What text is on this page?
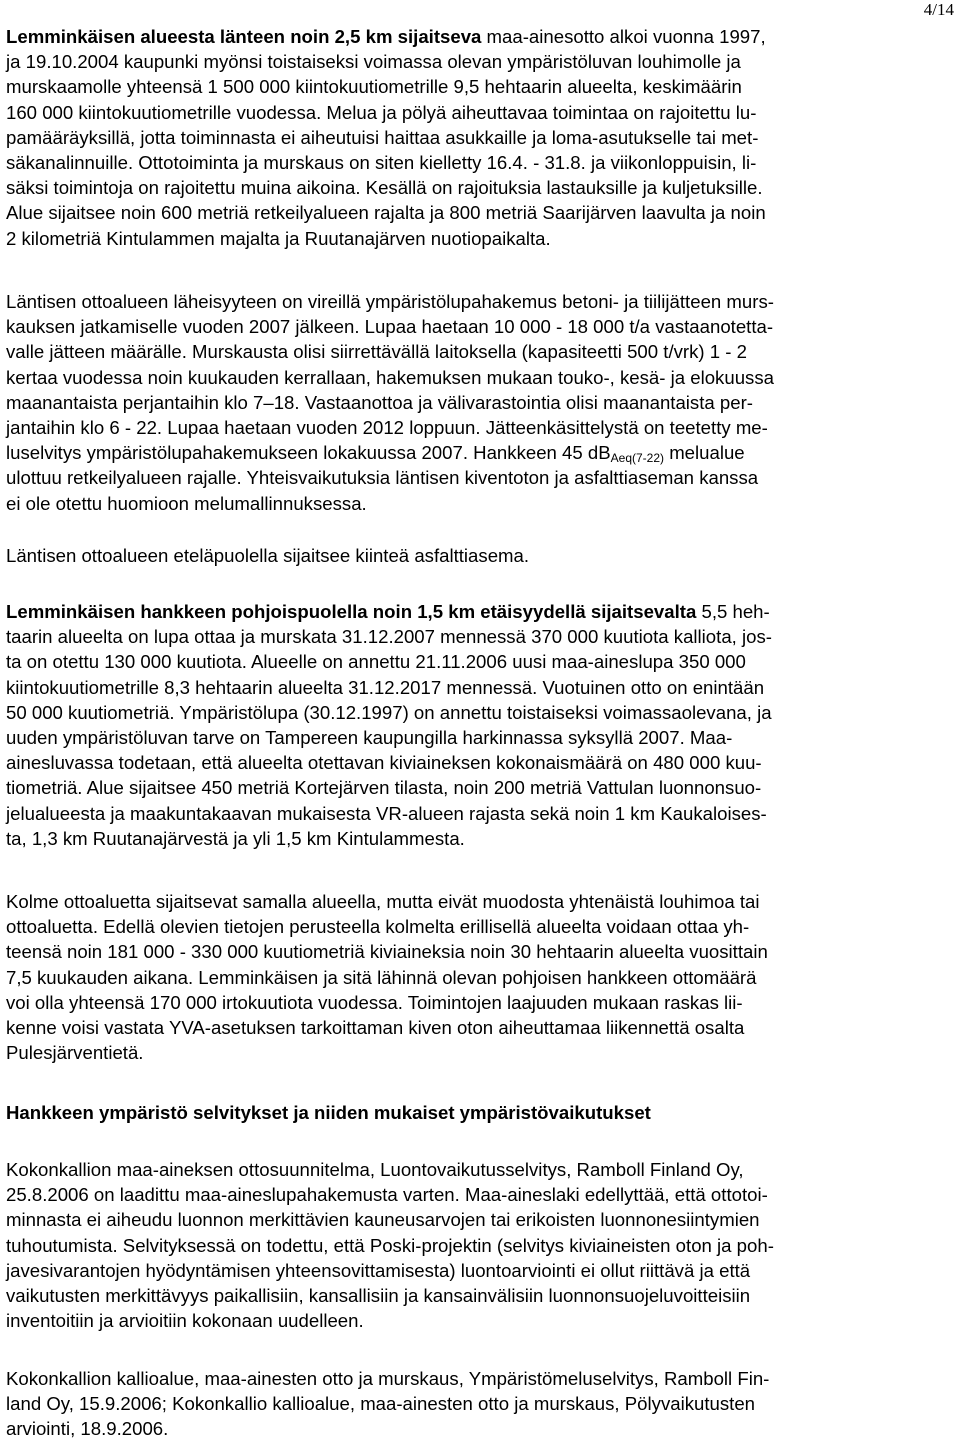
4/14
Lemminkäisen alueesta länteen noin 2,5 km sijaitseva maa-ainesotto alkoi vuonna 1997,
ja 19.10.2004 kaupunki myönsi toistaiseksi voimassa olevan ympäristöluvan louhimolle ja
murskaamolle yhteensä 1 500 000 kiintokuutiometrille 9,5 hehtaarin alueelta, keskimäärin
160 000 kiintokuutiometrille vuodessa. Melua ja pölyä aiheuttavaa toimintaa on rajoitettu lu-
pamääräyksillä, jotta toiminnasta ei aiheutuisi haittaa asukkaille ja loma-asutukselle tai met-
säkanalinnuille. Ottotoiminta ja murskaus on siten kielletty 16.4. - 31.8. ja viikonloppuisin, li-
säksi toimintoja on rajoitettu muina aikoina. Kesällä on rajoituksia lastauksille ja kuljetuksille.
Alue sijaitsee noin 600 metriä retkeilyalueen rajalta ja 800 metriä Saarijärven laavulta ja noin
2 kilometriä Kintulammen majalta ja Ruutanajärven nuotiopaikalta.
Läntisen ottoalueen läheisyyteen on vireillä ympäristölupahakemus betoni- ja tiilijätteen murs-
kauksen jatkamiselle vuoden 2007 jälkeen. Lupaa haetaan 10 000 - 18 000 t/a vastaanotetta-
valle jätteen määrälle. Murskausta olisi siirrettävällä laitoksella (kapasiteetti 500 t/vrk) 1 - 2
kertaa vuodessa noin kuukauden kerrallaan, hakemuksen mukaan touko-, kesä- ja elokuussa
maanantaista perjantaihin klo 7–18. Vastaanottoa ja välivarastointia olisi maanantaista per-
jantaihin klo 6 - 22. Lupaa haetaan vuoden 2012 loppuun. Jätteenkäsittelystä on teetetty me-
luselvitys ympäristölupahakemukseen lokakuussa 2007. Hankkeen 45 $dB_{Aeq(7-22)}$ melualue
ulottuu retkeilyalueen rajalle. Yhteisvaikutuksia läntisen kiventoton ja asfalttiaseman kanssa
ei ole otettu huomioon melumallinnuksessa.
Läntisen ottoalueen eteläpuolella sijaitsee kiinteä asfalttiasema.
Lemminkäisen hankkeen pohjoispuolella noin 1,5 km etäisyydellä sijaitsevalta 5,5 heh-
taarin alueelta on lupa ottaa ja murskata 31.12.2007 mennessä 370 000 kuutiota kalliota, jos-
ta on otettu 130 000 kuutiota. Alueelle on annettu 21.11.2006 uusi maa-aineslupa 350 000
kiintokuutiometrille 8,3 hehtaarin alueelta 31.12.2017 mennessä. Vuotuinen otto on enintään
50 000 kuutiometriä. Ympäristölupa (30.12.1997) on annettu toistaiseksi voimassaolevana, ja
uuden ympäristöluvan tarve on Tampereen kaupungilla harkinnassa syksyllä 2007. Maa-
ainesluvassa todetaan, että alueelta otettavan kiviaineksen kokonaismäärä on 480 000 kuu-
tiometriä. Alue sijaitsee 450 metriä Kortejärven tilasta, noin 200 metriä Vattulan luonnonsuo-
jelualueesta ja maakuntakaavan mukaisesta VR-alueen rajasta sekä noin 1 km Kaukaloises-
ta, 1,3 km Ruutanajärvestä ja yli 1,5 km Kintulammesta.
Kolme ottoaluetta sijaitsevat samalla alueella, mutta eivät muodosta yhtenäistä louhimoa tai
ottoaluetta. Edellä olevien tietojen perusteella kolmelta erillisellä alueelta voidaan ottaa yh-
teensä noin 181 000 - 330 000 kuutiometriä kiviaineksia noin 30 hehtaarin alueelta vuosittain
7,5 kuukauden aikana. Lemminkäisen ja sitä lähinnä olevan pohjoisen hankkeen ottomäärä
voi olla yhteensä 170 000 irtokuutiota vuodessa. Toimintojen laajuuden mukaan raskas lii-
kenne voisi vastata YVA-asetuksen tarkoittaman kiven oton aiheuttamaa liikennettä osalta
Pulesjärventietä.
Hankkeen ympäristö selvitykset ja niiden mukaiset ympäristövaikutukset
Kokonkallion maa-aineksen ottosuunnitelma, Luontovaikutusselvitys, Ramboll Finland Oy,
25.8.2006 on laadittu maa-aineslupahakemusta varten. Maa-aineslaki edellyttää, että ottotoi-
minnasta ei aiheudu luonnon merkittävien kauneusarvojen tai erikoisten luonnonesiintymien
tuhoutumista. Selvityksessä on todettu, että Poski-projektin (selvitys kiviaineisten oton ja poh-
javesivarantojen hyödyntämisen yhteensovittamisesta) luontoarviointi ei ollut riittävä ja että
vaikutusten merkittävyys paikallisiin, kansallisiin ja kansainvälisiin luonnonsuojeluvoitteisiin
inventoitiin ja arvioitiin kokonaan uudelleen.
Kokonkallion kallioalue, maa-ainesten otto ja murskaus, Ympäristömeluselvitys, Ramboll Fin-
land Oy, 15.9.2006; Kokonkallio kallioalue, maa-ainesten otto ja murskaus, Pölyvaikutusten
arviointi, 18.9.2006.
